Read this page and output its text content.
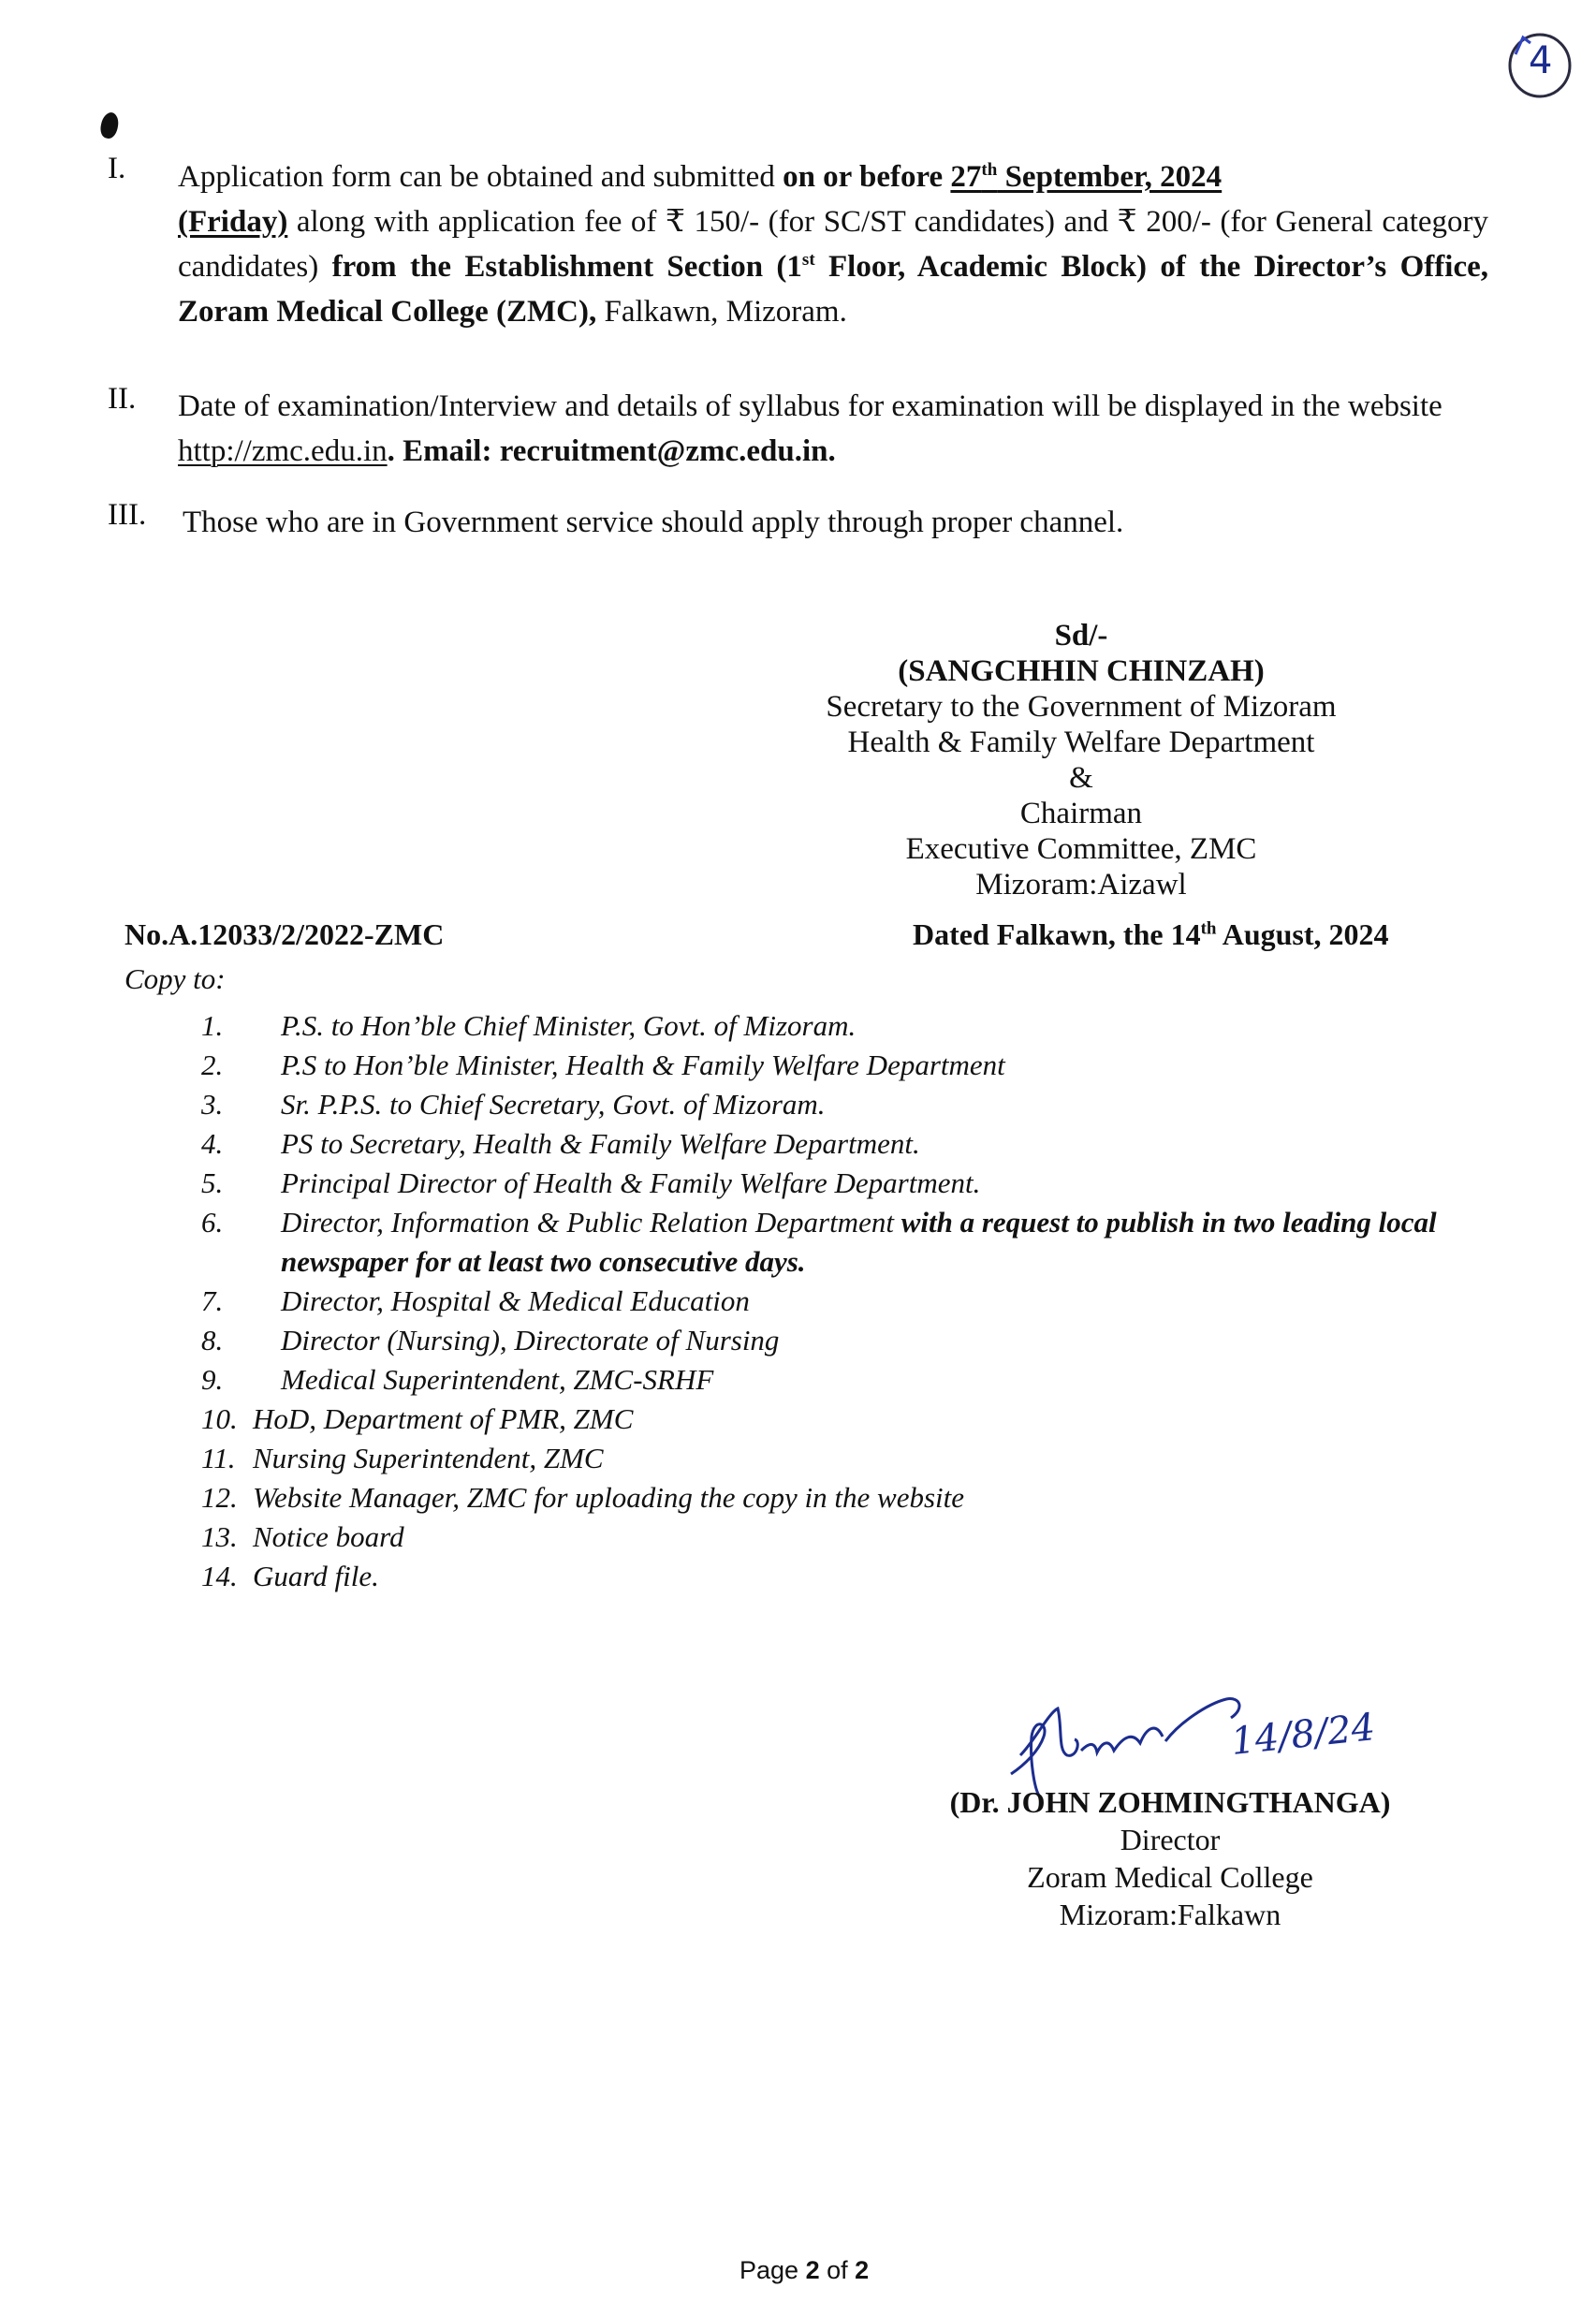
4
I. Application form can be obtained and submitted on or before 27th September, 2024
(Friday) along with application fee of ₹ 150/- (for SC/ST candidates) and ₹ 200/- (for General category candidates) from the Establishment Section (1st Floor, Academic Block) of the Director’s Office, Zoram Medical College (ZMC), Falkawn, Mizoram.
II. Date of examination/Interview and details of syllabus for examination will be displayed in the website http://zmc.edu.in. Email: recruitment@zmc.edu.in.
III. Those who are in Government service should apply through proper channel.
Sd/-
(SANGCHHIN CHINZAH)
Secretary to the Government of Mizoram
Health & Family Welfare Department
&
Chairman
Executive Committee, ZMC
Mizoram:Aizawl
No.A.12033/2/2022-ZMC	Dated Falkawn, the 14th August, 2024
Copy to:
1. P.S. to Hon’ble Chief Minister, Govt. of Mizoram.
2. P.S to Hon’ble Minister, Health & Family Welfare Department
3. Sr. P.P.S. to Chief Secretary, Govt. of Mizoram.
4. PS to Secretary, Health & Family Welfare Department.
5. Principal Director of Health & Family Welfare Department.
6. Director, Information & Public Relation Department with a request to publish in two leading local newspaper for at least two consecutive days.
7. Director, Hospital & Medical Education
8. Director (Nursing), Directorate of Nursing
9. Medical Superintendent, ZMC-SRHF
10. HoD, Department of PMR, ZMC
11. Nursing Superintendent, ZMC
12. Website Manager, ZMC for uploading the copy in the website
13. Notice board
14. Guard file.
14/8/24
(Dr. JOHN ZOHMINGTHANGA)
Director
Zoram Medical College
Mizoram:Falkawn
Page 2 of 2
